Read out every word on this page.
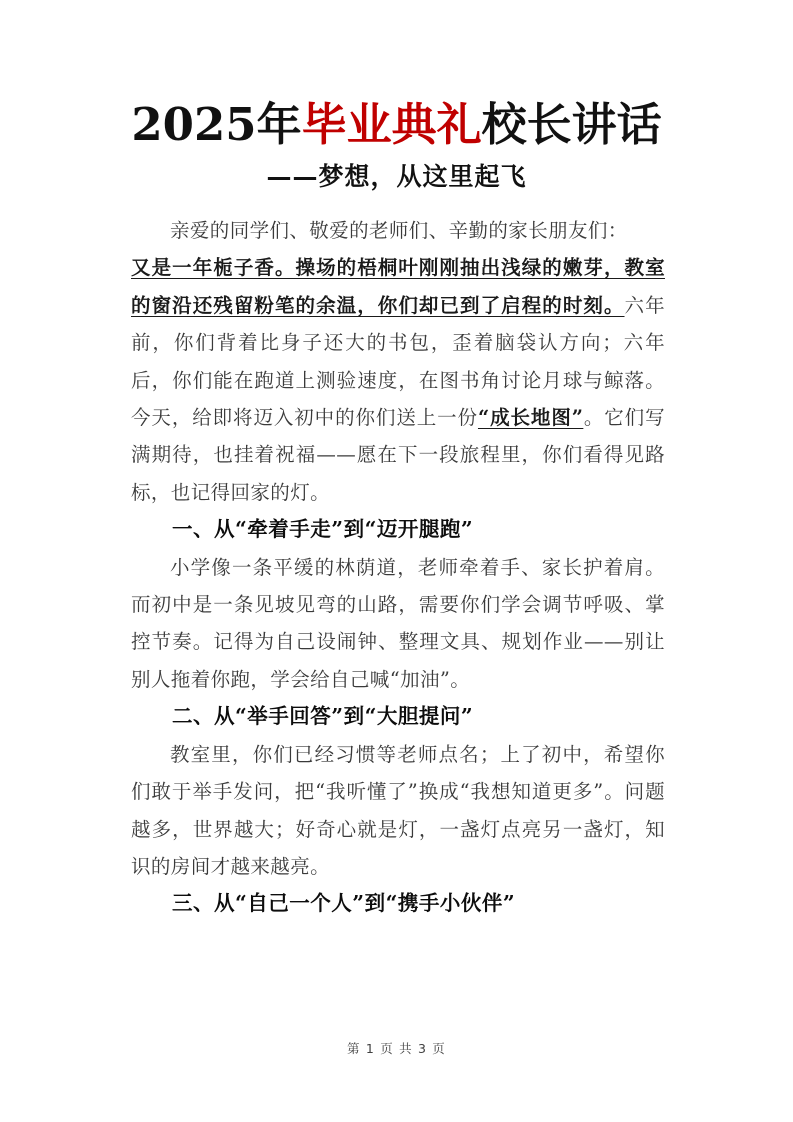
2025年毕业典礼校长讲话
——梦想，从这里起飞

亲爱的同学们、敬爱的老师们、辛勤的家长朋友们：

又是一年栀子香。操场的梧桐叶刚刚抽出浅绿的嫩芽，教室的窗沿还残留粉笔的余温，你们却已到了启程的时刻。六年前，你们背着比身子还大的书包，歪着脑袋认方向；六年后，你们能在跑道上测验速度，在图书角讨论月球与鲸落。今天，给即将迈入初中的你们送上一份“成长地图”。它们写满期待，也挂着祝福——愿在下一段旅程里，你们看得见路标，也记得回家的灯。

一、从“牵着手走”到“迈开腿跑”

小学像一条平缓的林荫道，老师牵着手、家长护着肩。而初中是一条见坡见弯的山路，需要你们学会调节呼吸、掌控节奏。记得为自己设闹钟、整理文具、规划作业——别让别人拖着你跑，学会给自己喊“加油”。

二、从“举手回答”到“大胆提问”

教室里，你们已经习惯等老师点名；上了初中，希望你们敢于举手发问，把“我听懂了”换成“我想知道更多”。问题越多，世界越大；好奇心就是灯，一盏灯点亮另一盏灯，知识的房间才越来越亮。

三、从“自己一个人”到“携手小伙伴”

第 1 页 共 3 页
